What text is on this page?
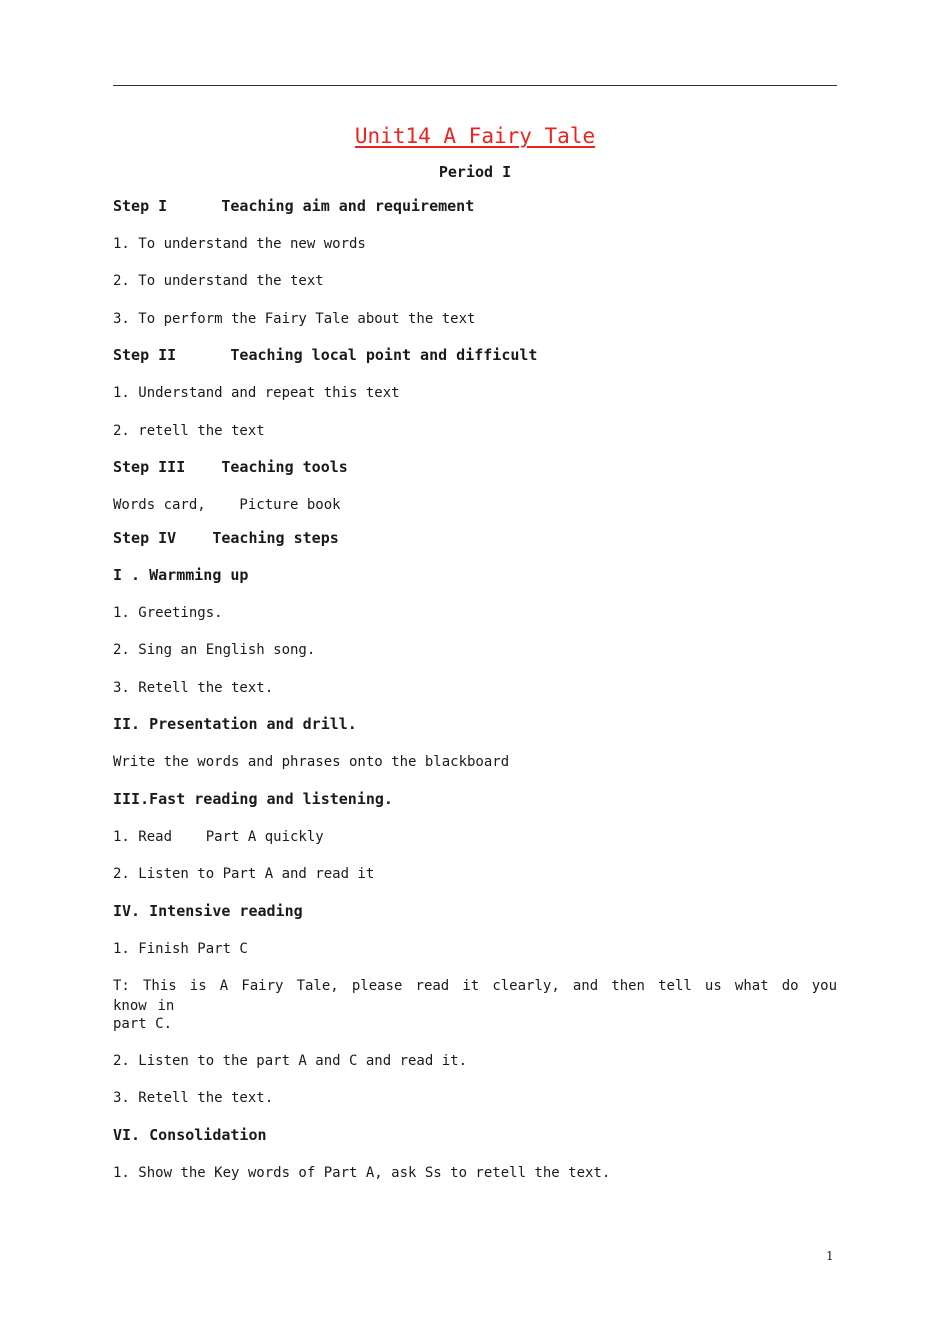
Unit14 A Fairy Tale
Period I
Step I      Teaching aim and requirement
1. To understand the new words
2. To understand the text
3. To perform the Fairy Tale about the text
Step II      Teaching local point and difficult
1. Understand and repeat this text
2. retell the text
Step III    Teaching tools
Words card,    Picture book
Step IV    Teaching steps
I . Warmming up
1. Greetings.
2. Sing an English song.
3. Retell the text.
II. Presentation and drill.
Write the words and phrases onto the blackboard
III.Fast reading and listening.
1. Read    Part A quickly
2. Listen to Part A and read it
IV. Intensive reading
1. Finish Part C
T: This is A Fairy Tale, please read it clearly, and then tell us what do you know in
part C.
2. Listen to the part A and C and read it.
3. Retell the text.
VI. Consolidation
1. Show the Key words of Part A, ask Ss to retell the text.
1
